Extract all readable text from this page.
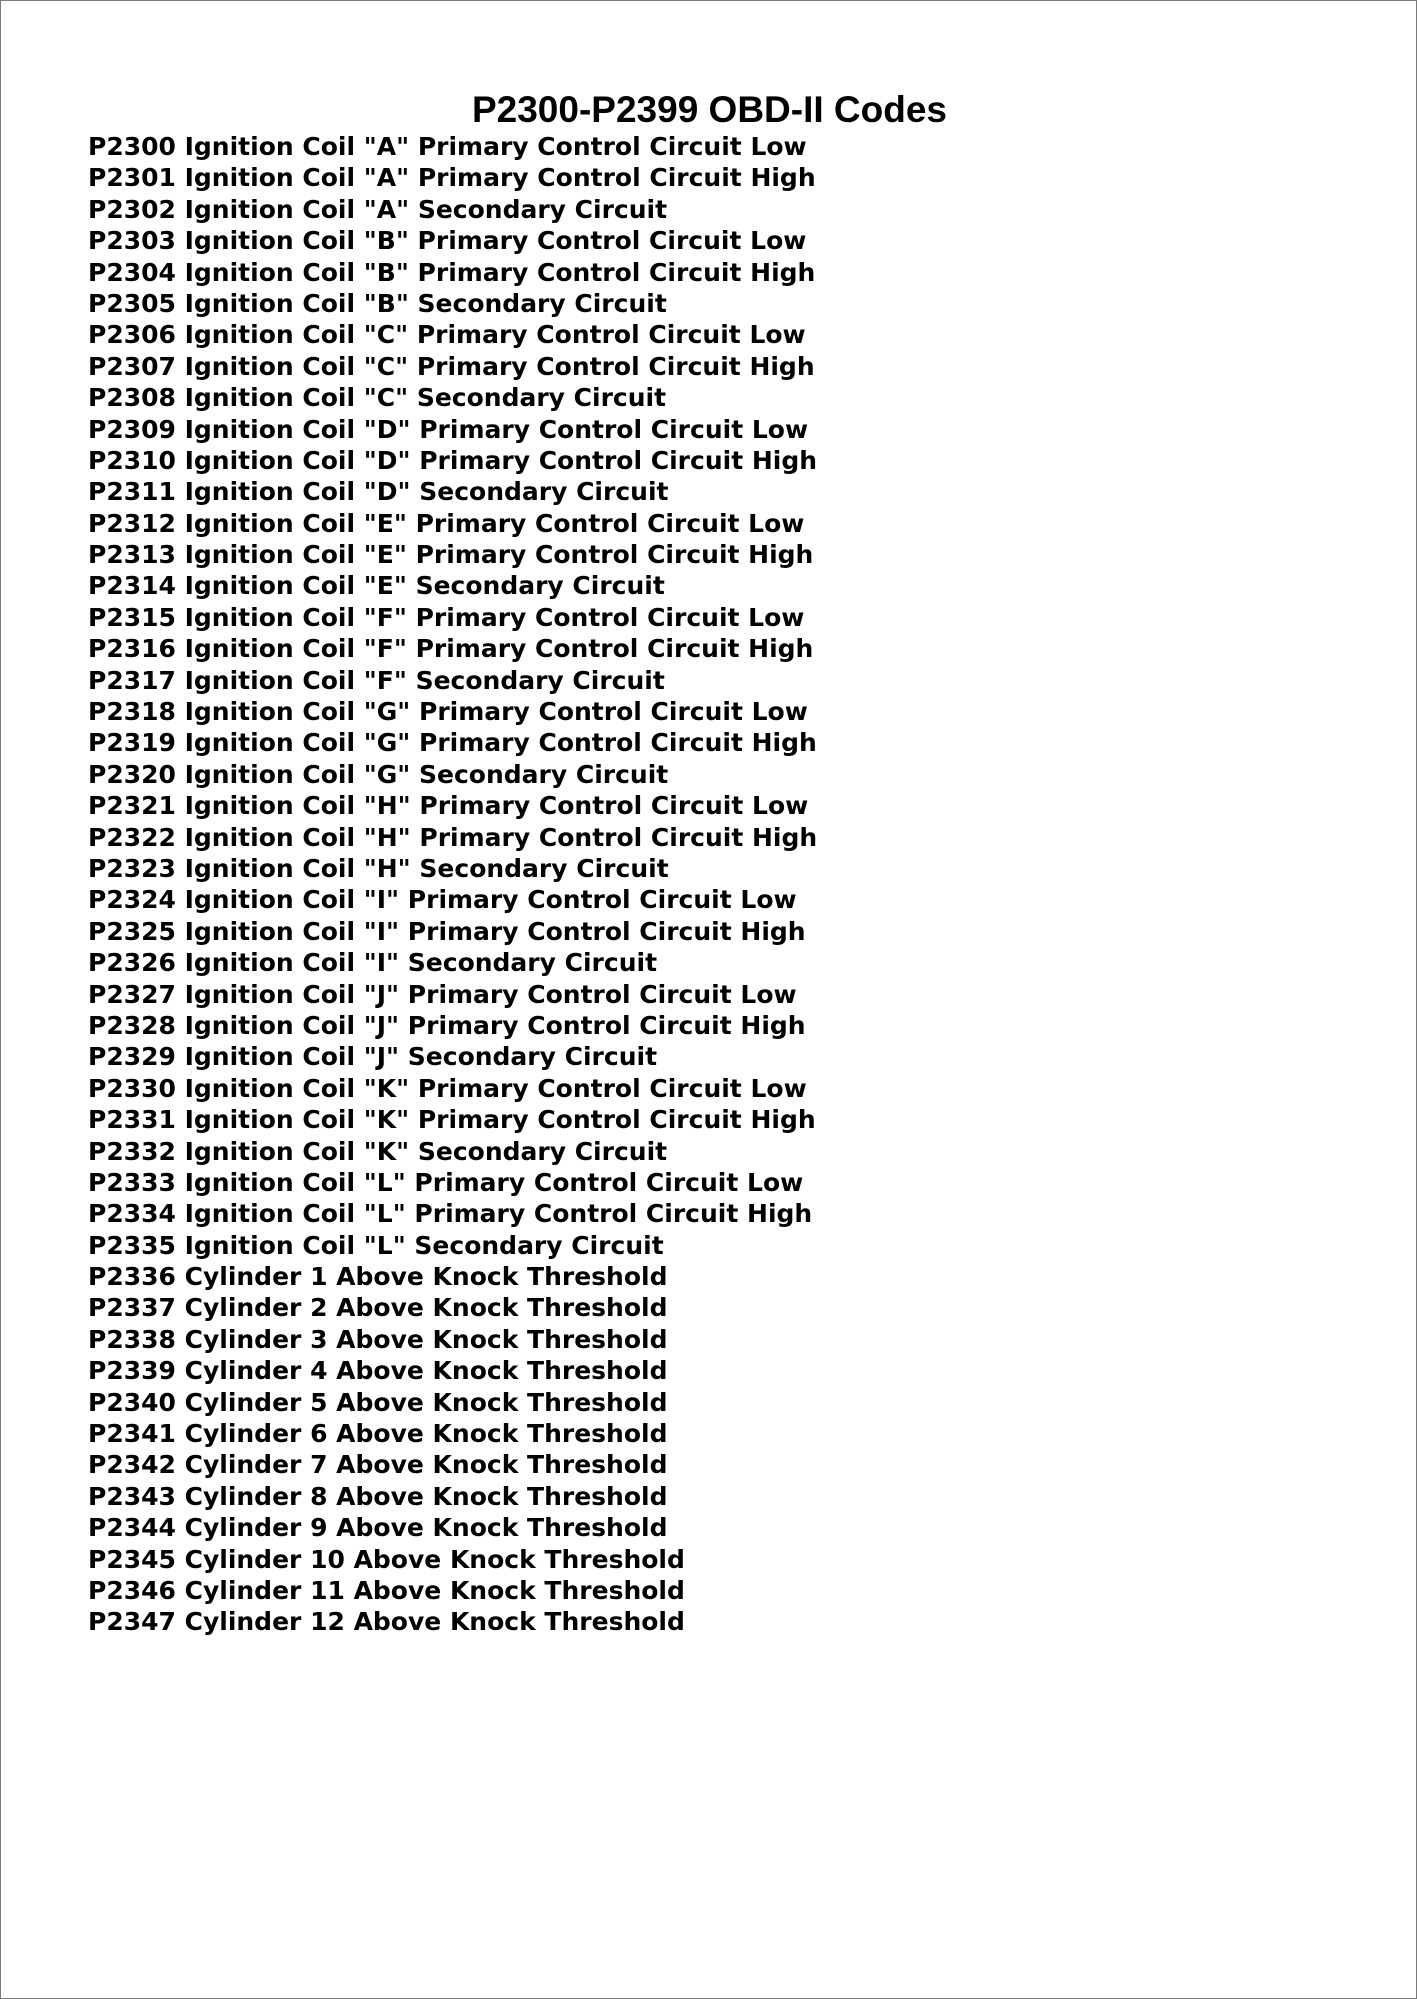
P2300-P2399 OBD-II Codes
P2300 Ignition Coil "A" Primary Control Circuit Low
P2301 Ignition Coil "A" Primary Control Circuit High
P2302 Ignition Coil "A" Secondary Circuit
P2303 Ignition Coil "B" Primary Control Circuit Low
P2304 Ignition Coil "B" Primary Control Circuit High
P2305 Ignition Coil "B" Secondary Circuit
P2306 Ignition Coil "C" Primary Control Circuit Low
P2307 Ignition Coil "C" Primary Control Circuit High
P2308 Ignition Coil "C" Secondary Circuit
P2309 Ignition Coil "D" Primary Control Circuit Low
P2310 Ignition Coil "D" Primary Control Circuit High
P2311 Ignition Coil "D" Secondary Circuit
P2312 Ignition Coil "E" Primary Control Circuit Low
P2313 Ignition Coil "E" Primary Control Circuit High
P2314 Ignition Coil "E" Secondary Circuit
P2315 Ignition Coil "F" Primary Control Circuit Low
P2316 Ignition Coil "F" Primary Control Circuit High
P2317 Ignition Coil "F" Secondary Circuit
P2318 Ignition Coil "G" Primary Control Circuit Low
P2319 Ignition Coil "G" Primary Control Circuit High
P2320 Ignition Coil "G" Secondary Circuit
P2321 Ignition Coil "H" Primary Control Circuit Low
P2322 Ignition Coil "H" Primary Control Circuit High
P2323 Ignition Coil "H" Secondary Circuit
P2324 Ignition Coil "I" Primary Control Circuit Low
P2325 Ignition Coil "I" Primary Control Circuit High
P2326 Ignition Coil "I" Secondary Circuit
P2327 Ignition Coil "J" Primary Control Circuit Low
P2328 Ignition Coil "J" Primary Control Circuit High
P2329 Ignition Coil "J" Secondary Circuit
P2330 Ignition Coil "K" Primary Control Circuit Low
P2331 Ignition Coil "K" Primary Control Circuit High
P2332 Ignition Coil "K" Secondary Circuit
P2333 Ignition Coil "L" Primary Control Circuit Low
P2334 Ignition Coil "L" Primary Control Circuit High
P2335 Ignition Coil "L" Secondary Circuit
P2336 Cylinder 1 Above Knock Threshold
P2337 Cylinder 2 Above Knock Threshold
P2338 Cylinder 3 Above Knock Threshold
P2339 Cylinder 4 Above Knock Threshold
P2340 Cylinder 5 Above Knock Threshold
P2341 Cylinder 6 Above Knock Threshold
P2342 Cylinder 7 Above Knock Threshold
P2343 Cylinder 8 Above Knock Threshold
P2344 Cylinder 9 Above Knock Threshold
P2345 Cylinder 10 Above Knock Threshold
P2346 Cylinder 11 Above Knock Threshold
P2347 Cylinder 12 Above Knock Threshold
